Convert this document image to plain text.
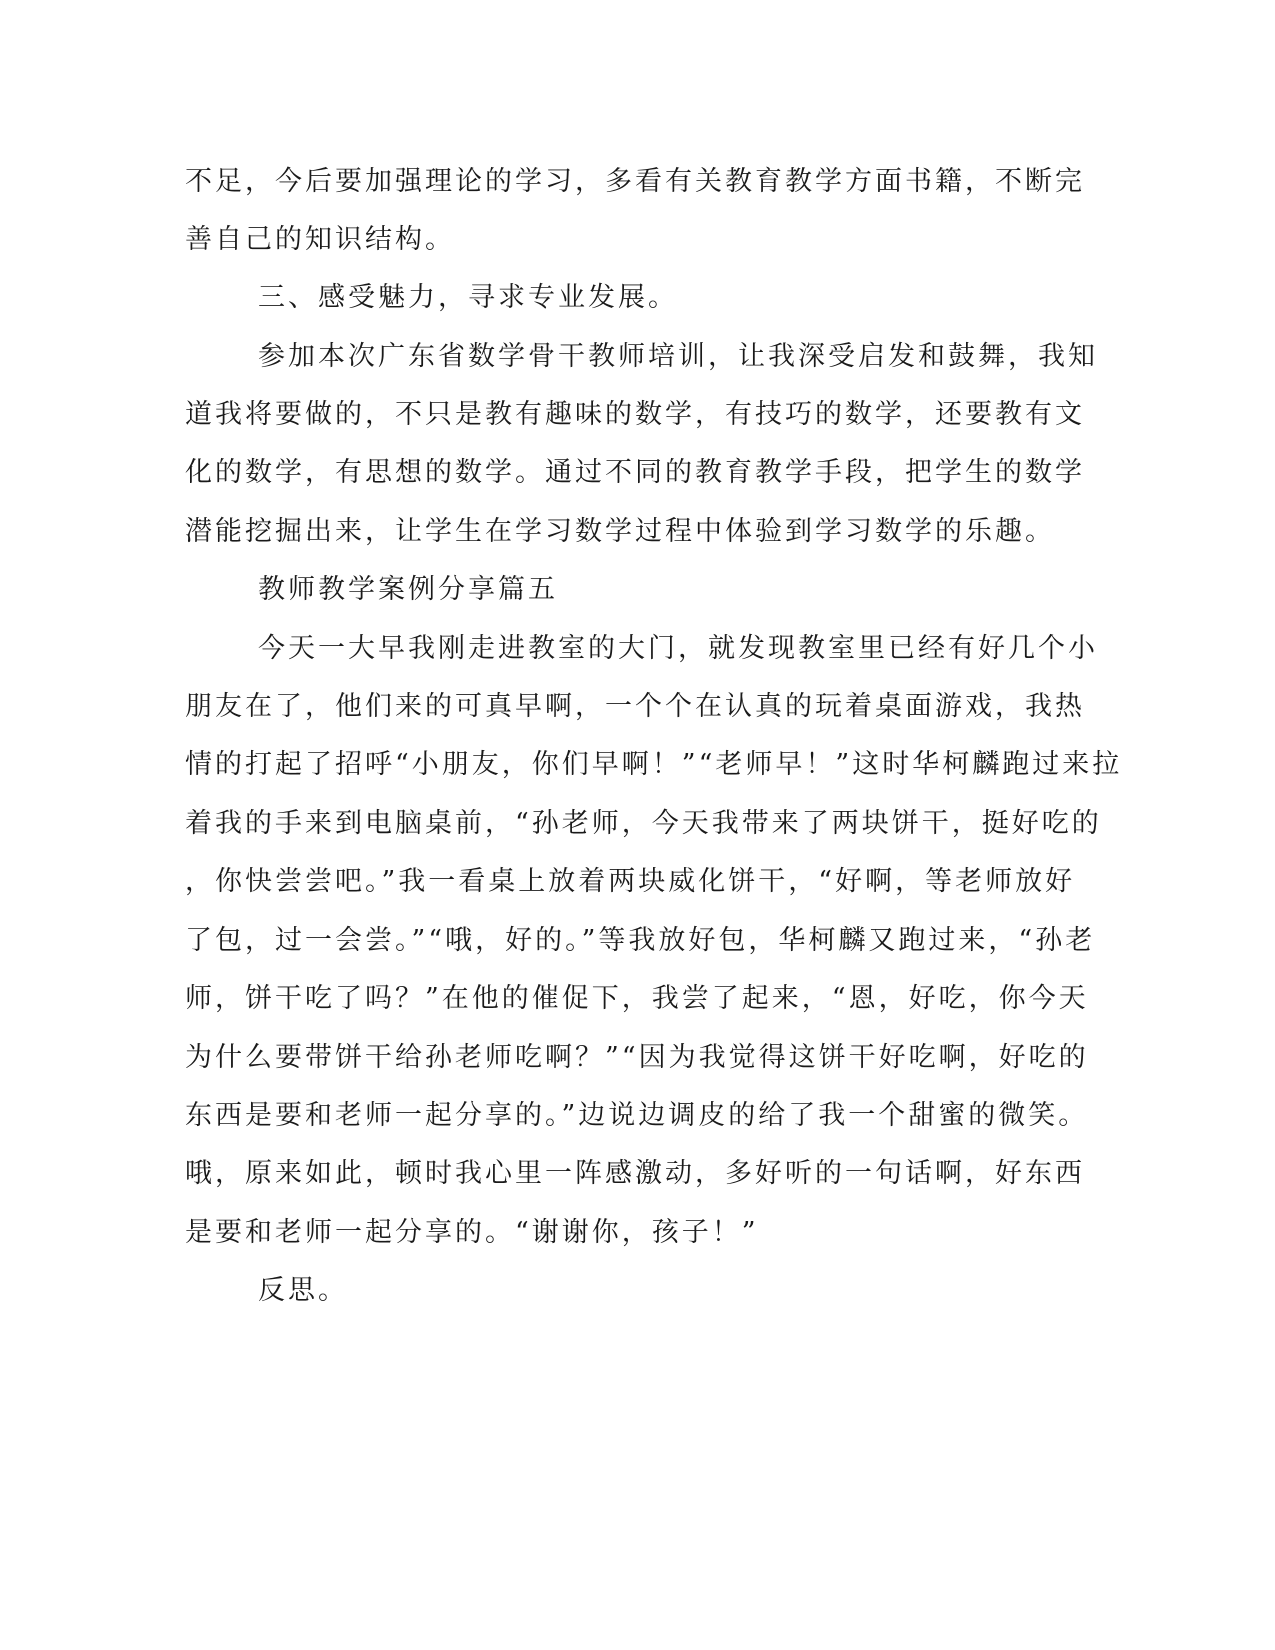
不足，今后要加强理论的学习，多看有关教育教学方面书籍，不断完
善自己的知识结构。
三、感受魅力，寻求专业发展。
参加本次广东省数学骨干教师培训，让我深受启发和鼓舞，我知
道我将要做的，不只是教有趣味的数学，有技巧的数学，还要教有文
化的数学，有思想的数学。通过不同的教育教学手段，把学生的数学
潜能挖掘出来，让学生在学习数学过程中体验到学习数学的乐趣。
教师教学案例分享篇五
今天一大早我刚走进教室的大门，就发现教室里已经有好几个小
朋友在了，他们来的可真早啊，一个个在认真的玩着桌面游戏，我热
情的打起了招呼“小朋友，你们早啊！”“老师早！”这时华柯麟跑过来拉
着我的手来到电脑桌前，“孙老师，今天我带来了两块饼干，挺好吃的
，你快尝尝吧。”我一看桌上放着两块威化饼干，“好啊，等老师放好
了包，过一会尝。”“哦，好的。”等我放好包，华柯麟又跑过来，“孙老
师，饼干吃了吗？”在他的催促下，我尝了起来，“恩，好吃，你今天
为什么要带饼干给孙老师吃啊？”“因为我觉得这饼干好吃啊，好吃的
东西是要和老师一起分享的。”边说边调皮的给了我一个甜蜜的微笑。
哦，原来如此，顿时我心里一阵感激动，多好听的一句话啊，好东西
是要和老师一起分享的。“谢谢你，孩子！”
反思。
